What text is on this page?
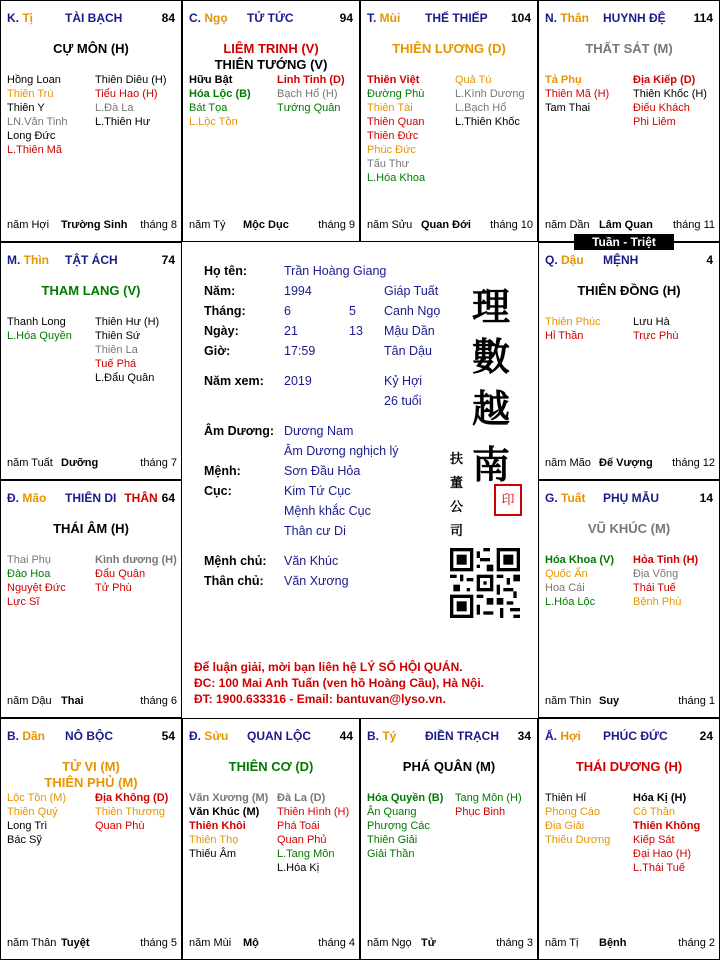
K. Tị	TÀI BẠCH	84
CỰ MÔN (H)
Hồng Loan
Thiên Trù
Thiên Y
LN.Văn Tinh
Long Đức
L.Thiên Mã
Thiên Diêu (H)
Tiểu Hao (H)
L.Đà La
L.Thiên Hư
năm Hợi Trường Sinh tháng 8
C. Ngọ TỬ TỨC	94
LIÊM TRINH (V)
THIÊN TƯỚNG (V)
Hữu Bật
Hóa Lộc (B)
Bát Tọa
L.Lộc Tồn
Linh Tinh (D)
Bạch Hổ (H)
Tướng Quân
năm Tý Mộc Dục	tháng 9
T. Mùi THẾ THIẾP 104
THIÊN LƯƠNG (D)
Thiên Việt
Đường Phù
Thiên Tài
Thiên Quan
Thiên Đức
Phúc Đức
Tấu Thư
L.Hóa Khoa
Quả Tú
L.Kình Dương
L.Bạch Hổ
L.Thiên Khốc
năm Sửu Quan Đới tháng 10
N. Thân HUYNH ĐỆ 114
THẤT SÁT (M)
Tả Phụ
Thiên Mã (H)
Tam Thai
Địa Kiếp (D)
Thiên Khốc (H)
Điếu Khách
Phi Liêm
năm Dần Lâm Quan tháng 11
M. Thìn TẬT ÁCH	74
THAM LANG (V)
Thanh Long
L.Hóa Quyền
Thiên Hư (H)
Thiên Sứ
Thiên La
Tuế Phá
L.Đẩu Quân
năm Tuất Dưỡng	tháng 7
Q. Dậu MỆNH	4
THIÊN ĐỒNG (H)
Thiên Phúc
Hỉ Thần
Lưu Hà
Trực Phù
năm Mão Đế Vượng tháng 12
Đ. Mão THIÊN DI THÂN 64
THÁI ÂM (H)
Thai Phụ
Đào Hoa
Nguyệt Đức
Lực Sĩ
Kình dương (H)
Đẩu Quân
Tử Phù
năm Dậu Thai	tháng 6
G. Tuất PHỤ MẪU	14
VŨ KHÚC (M)
Hóa Khoa (V)
Quốc Ấn
Hoa Cái
L.Hóa Lộc
Hỏa Tinh (H)
Địa Võng
Thái Tuế
Bệnh Phù
năm Thìn Suy	tháng 1
B. Dần NÔ BỘC	54
TỬ VI (M)
THIÊN PHỦ (M)
Lộc Tồn (M)
Thiên Quý
Long Trì
Bác Sỹ
Địa Không (D)
Thiên Thương
Quan Phù
năm Thân Tuyệt	tháng 5
Đ. Sửu QUAN LỘC 44
THIÊN CƠ (D)
Văn Xương (M)
Văn Khúc (M)
Thiên Khôi
Thiên Thọ
Thiếu Âm
Đà La (D)
Thiên Hình (H)
Phá Toái
Quan Phủ
L.Tang Môn
L.Hóa Kị
năm Mùi Mộ	tháng 4
B. Tý ĐIỀN TRẠCH 34
PHÁ QUÂN (M)
Hóa Quyền (B)
Ân Quang
Phượng Các
Thiên Giải
Giải Thần
Tang Môn (H)
Phục Binh
năm Ngọ Tử	tháng 3
Ấ. Hợi PHÚC ĐỨC	24
THÁI DƯƠNG (H)
Thiên Hỉ
Phong Cáo
Địa Giải
Thiếu Dương
Hóa Kị (H)
Cô Thần
Thiên Không
Kiếp Sát
Đại Hao (H)
L.Thái Tuế
năm Tị Bệnh	tháng 2
Họ tên:	Trần Hoàng Giang
Năm:	1994	Giáp Tuất
Tháng:	6	5 Canh Ngọ
Ngày:	21	13 Mậu Dần
Giờ:	17:59	Tân Dậu
Năm xem: 2019	Kỷ Hợi
26 tuổi
Âm Dương: Dương Nam
Âm Dương nghịch lý
Mệnh:	Sơn Đầu Hỏa
Cục:	Kim Tứ Cục
Mệnh khắc Cục
Thân cư Di
Mệnh chủ: Văn Khúc
Thân chủ: Văn Xương
理
數
越
南
扶
董
公
司
印
Để luận giải, mời bạn liên hệ LÝ SỐ HỘI QUÁN.
ĐC: 100 Mai Anh Tuấn (ven hồ Hoàng Cầu), Hà Nội.
ĐT: 1900.633316 - Email: bantuvan@lyso.vn.
Tuần - Triệt
